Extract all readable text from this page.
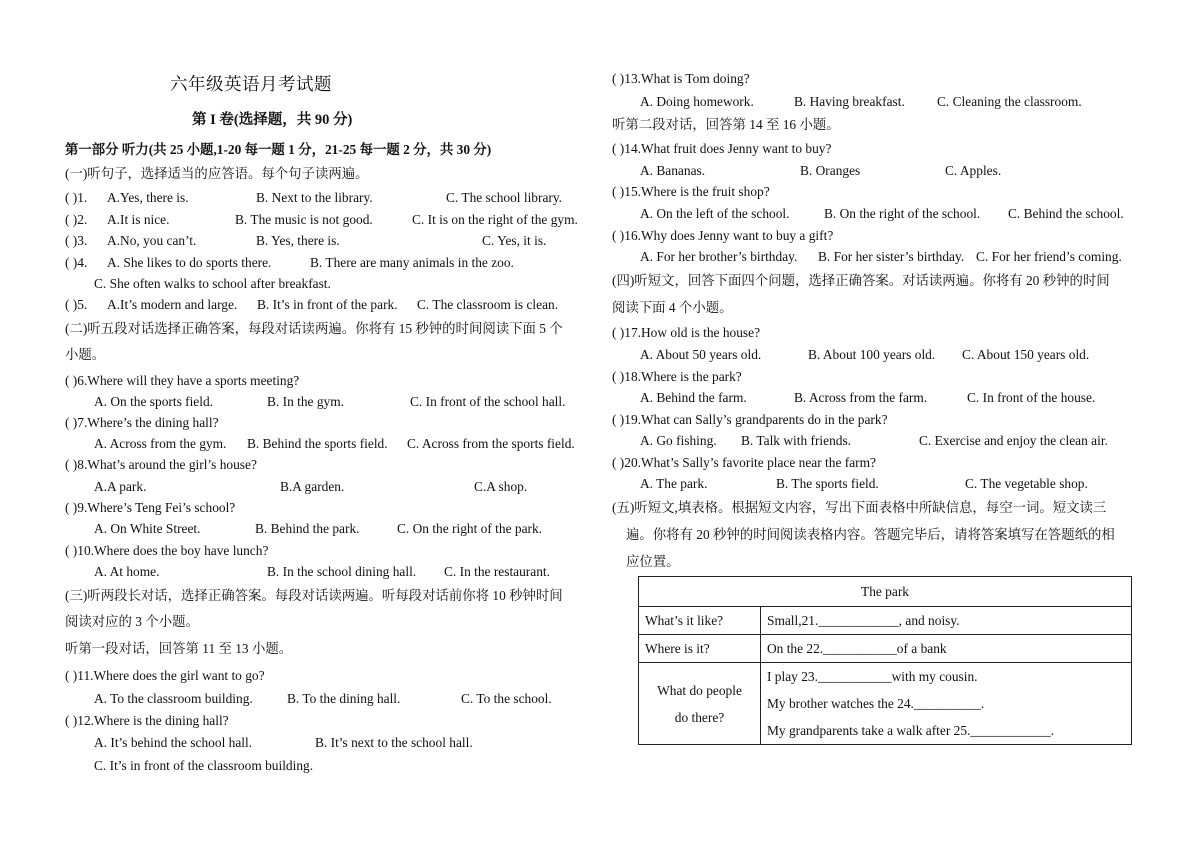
六年级英语月考试题
第 I 卷(选择题，共 90 分)
第一部分 听力(共 25 小题,1-20 每一题 1 分，21-25 每一题 2 分，共 30 分)
(一)听句子，选择适当的应答语。每个句子读两遍。
( )1. A.Yes, there is.	B. Next to the library.	C. The school library.
( )2. A.It is nice.	B. The music is not good.	C. It is on the right of the gym.
( )3. A.No, you can’t.	B. Yes, there is.	C. Yes, it is.
( )4. A. She likes to do sports there.	B. There are many animals in the zoo.
C. She often walks to school after breakfast.
( )5. A.It’s modern and large. B. It’s in front of the park. C. The classroom is clean.
(二)听五段对话选择正确答案，每段对话读两遍。你将有 15 秒钟的时间阅读下面 5 个
小题。
( )6.Where will they have a sports meeting?
A. On the sports field.	B. In the gym.	C. In front of the school hall.
( )7.Where’s the dining hall?
A. Across from the gym. B. Behind the sports field. C. Across from the sports field.
( )8.What’s around the girl’s house?
A.A park.	B.A garden.	C.A shop.
( )9.Where’s Teng Fei’s school?
A. On White Street.	B. Behind the park.	C. On the right of the park.
( )10.Where does the boy have lunch?
A. At home.	B. In the school dining hall. C. In the restaurant.
(三)听两段长对话，选择正确答案。每段对话读两遍。听每段对话前你将 10 秒钟时间
阅读对应的 3 个小题。
听第一段对话，回答第 11 至 13 小题。
( )11.Where does the girl want to go?
A. To the classroom building.	B. To the dining hall.	C. To the school.
( )12.Where is the dining hall?
A. It’s behind the school hall.	B. It’s next to the school hall.
C. It’s in front of the classroom building.
( )13.What is Tom doing?
A. Doing homework.	B. Having breakfast. C. Cleaning the classroom.
听第二段对话，回答第 14 至 16 小题。
( )14.What fruit does Jenny want to buy?
A. Bananas.	B. Oranges	C. Apples.
( )15.Where is the fruit shop?
A. On the left of the school.	B. On the right of the school. C. Behind the school.
( )16.Why does Jenny want to buy a gift?
A. For her brother’s birthday. B. For her sister’s birthday. C. For her friend’s coming.
(四)听短文，回答下面四个问题，选择正确答案。对话读两遍。你将有 20 秒钟的时间
阅读下面 4 个小题。
( )17.How old is the house?
A. About 50 years old.	B. About 100 years old. C. About 150 years old.
( )18.Where is the park?
A. Behind the farm.	B. Across from the farm.	C. In front of the house.
( )19.What can Sally’s grandparents do in the park?
A. Go fishing. B. Talk with friends.	C. Exercise and enjoy the clean air.
( )20.What’s Sally’s favorite place near the farm?
A. The park.	B. The sports field.	C. The vegetable shop.
(五)听短文,填表格。根据短文内容，写出下面表格中所缺信息，每空一词。短文读三
遍。你将有 20 秒钟的时间阅读表格内容。答题完毕后，请将答案填写在答题纸的相
应位置。
The park	
What’s it like?	Small,21.____________, and noisy.
Where is it?	On the 22.___________of a bank

What do people
do there?	I play 23.___________with my cousin.
My brother watches the 24.__________.
My grandparents take a walk after 25.____________.
